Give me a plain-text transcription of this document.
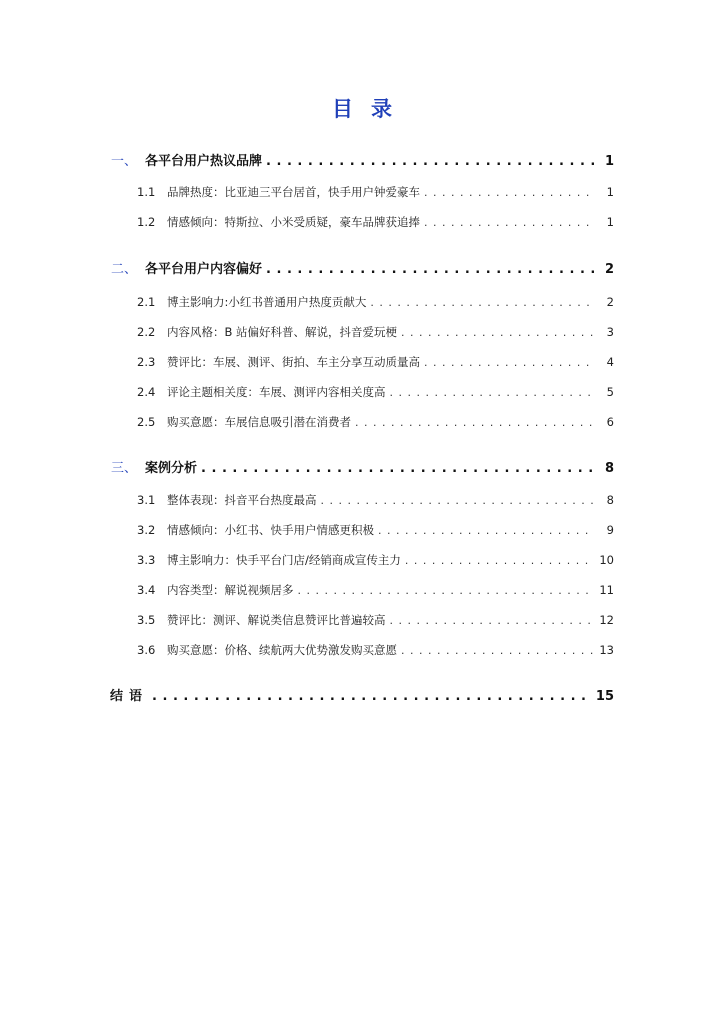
目录
一、 各平台用户热议品牌 . . .	1
1.1	品牌热度：比亚迪三平台居首，快手用户钟爱豪车 . . .	1
1.2	情感倾向：特斯拉、小米受质疑，豪车品牌获追捧 . . .	1
二、 各平台用户内容偏好 . . .	2
2.1	博主影响力:小红书普通用户热度贡献大 . . .	2
2.2	内容风格：B 站偏好科普、解说，抖音爱玩梗 . . .	3
2.3	赞评比：车展、测评、街拍、车主分享互动质量高 . . .	4
2.4	评论主题相关度：车展、测评内容相关度高 . . .	5
2.5	购买意愿：车展信息吸引潜在消费者 . . .	6
三、 案例分析 . . .	8
3.1	整体表现：抖音平台热度最高 . . .	8
3.2	情感倾向：小红书、快手用户情感更积极 . . .	9
3.3	博主影响力：快手平台门店/经销商成宣传主力 . . .	10
3.4	内容类型：解说视频居多 . . .	11
3.5	赞评比：测评、解说类信息赞评比普遍较高 . . .	12
3.6	购买意愿：价格、续航两大优势激发购买意愿 . . .	13
结语 . . .	15
